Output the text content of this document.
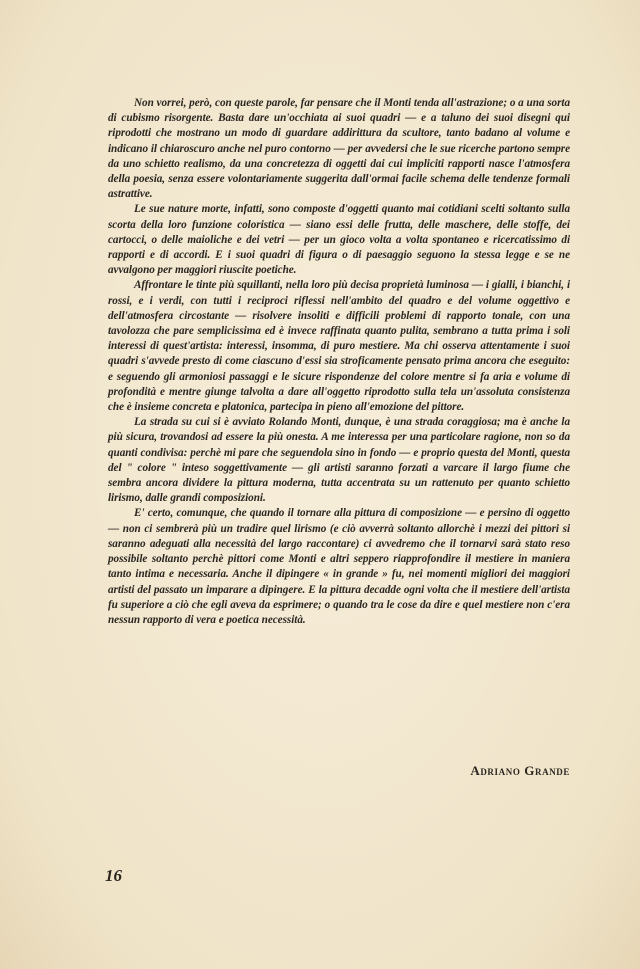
Non vorrei, però, con queste parole, far pensare che il Monti tenda all'astrazione; o a una sorta di cubismo risorgente. Basta dare un'occhiata ai suoi quadri — e a taluno dei suoi disegni qui riprodotti che mostrano un modo di guardare addirittura da scultore, tanto badano al volume e indicano il chiaroscuro anche nel puro contorno — per avvedersi che le sue ricerche partono sempre da uno schietto realismo, da una concretezza di oggetti dai cui impliciti rapporti nasce l'atmosfera della poesia, senza essere volontariamente suggerita dall'ormai facile schema delle tendenze formali astrattive.

Le sue nature morte, infatti, sono composte d'oggetti quanto mai cotidiani scelti soltanto sulla scorta della loro funzione coloristica — siano essi delle frutta, delle maschere, delle stoffe, dei cartocci, o delle maioliche e dei vetri — per un gioco volta a volta spontaneo e ricercatissimo di rapporti e di accordi. E i suoi quadri di figura o di paesaggio seguono la stessa legge e se ne avvalgono per maggiori riuscite poetiche.

Affrontare le tinte più squillanti, nella loro più decisa proprietà luminosa — i gialli, i bianchi, i rossi, e i verdi, con tutti i reciproci riflessi nell'ambito del quadro e del volume oggettivo e dell'atmosfera circostante — risolvere insoliti e difficili problemi di rapporto tonale, con una tavolozza che pare semplicissima ed è invece raffinata quanto pulita, sembrano a tutta prima i soli interessi di quest'artista: interessi, insomma, di puro mestiere. Ma chi osserva attentamente i suoi quadri s'avvede presto di come ciascuno d'essi sia stroficamente pensato prima ancora che eseguito: e seguendo gli armoniosi passaggi e le sicure rispondenze del colore mentre si fa aria e volume di profondità e mentre giunge talvolta a dare all'oggetto riprodotto sulla tela un'assoluta consistenza che è insieme concreta e platonica, partecipa in pieno all'emozione del pittore.

La strada su cui si è avviato Rolando Monti, dunque, è una strada coraggiosa; ma è anche la più sicura, trovandosi ad essere la più onesta. A me interessa per una particolare ragione, non so da quanti condivisa: perchè mi pare che seguendola sino in fondo — e proprio questa del Monti, questa del " colore " inteso soggettivamente — gli artisti saranno forzati a varcare il largo fiume che sembra ancora dividere la pittura moderna, tutta accentrata su un rattenuto per quanto schietto lirismo, dalle grandi composizioni.

E' certo, comunque, che quando il tornare alla pittura di composizione — e persino di oggetto — non ci sembrerà più un tradire quel lirismo (e ciò avverrà soltanto allorchè i mezzi dei pittori si saranno adeguati alla necessità del largo raccontare) ci avvedremo che il tornarvi sarà stato reso possibile soltanto perchè pittori come Monti e altri seppero riapprofondire il mestiere in maniera tanto intima e necessaria. Anche il dipingere « in grande » fu, nei momenti migliori dei maggiori artisti del passato un imparare a dipingere. E la pittura decadde ogni volta che il mestiere dell'artista fu superiore a ciò che egli aveva da esprimere; o quando tra le cose da dire e quel mestiere non c'era nessun rapporto di vera e poetica necessità.

Adriano Grande
16
